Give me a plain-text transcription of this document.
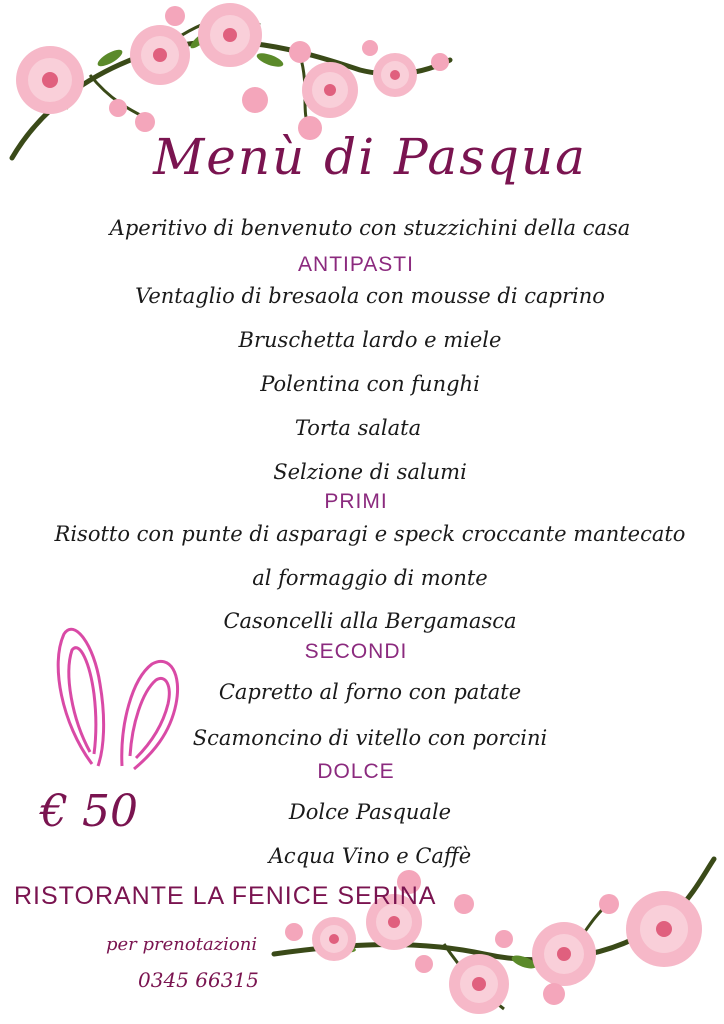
Menù di Pasqua
Aperitivo di benvenuto con stuzzichini della casa
ANTIPASTI
Ventaglio di bresaola con mousse di caprino
Bruschetta lardo e miele
Polentina con funghi
Torta salata
Selzione di salumi
PRIMI
Risotto con punte di asparagi e speck croccante mantecato
al formaggio di monte
Casoncelli alla Bergamasca
SECONDI
Capretto al forno con patate
Scamoncino di vitello con porcini
DOLCE
Dolce Pasquale
Acqua Vino e Caffè
€ 50
RISTORANTE LA FENICE SERINA
per prenotazioni
0345 66315
